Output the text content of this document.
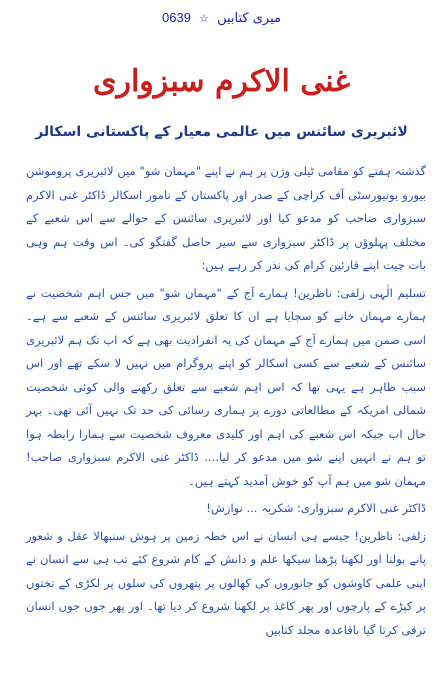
میری کتابیں ☆ 0639
غنی الاکرم سبزواری
لائبریری سائنس میں عالمی معیار کے پاکستانی اسکالر

گذشتہ ہفتے کو مقامی ٹیلی وژن پر ہم نے اپنے "مہمان شو" میں لائبریری پروموشن بیورو یونیورسٹی آف کراچی کے صدر اور پاکستان کے نامور اسکالر ڈاکٹر غنی الاکرم سبزواری صاحب کو مدعو کیا اور لائبریری سائنس کے حوالے سے اس شعبے کے مختلف پہلوؤں پر ڈاکٹر سبزواری سے سیر حاصل گفتگو کی۔ اس وقت ہم وہی بات چیت اپنے قارئین کرام کی نذر کر رہے ہیں:

تسلیم الٰہی زلفی: ناظرین! ہمارے آج کے "مہمان شو" میں جس اہم شخصیت نے ہمارے مہمان خانے کو سجایا ہے ان کا تعلق لائبریری سائنس کے شعبے سے ہے۔ اسی ضمن میں ہمارے آج کے مہمان کی یہ انفرادیت بھی ہے کہ اب تک ہم لائبریری سائنس کے شعبے سے کسی اسکالر کو اپنے پروگرام میں نہیں لا سکے تھے اور اس سبب ظاہر ہے یہی تھا کہ اس اہم شعبے سے تعلق رکھنے والی کوئی شخصیت شمالی امریکہ کے مطالعاتی دورے پر ہماری رسائی کی حد تک نہیں آئی تھی۔ بہر حال اب جبکہ اس شعبے کی اہم اور کلیدی معروف شخصیت سے ہمارا رابطہ ہوا تو ہم نے انہیں اپنے شو میں مدعو کر لیا.... ڈاکٹر غنی الاکرم سبزواری صاحب! مہمان شو میں ہم آپ کو خوش آمدید کہتے ہیں۔

ڈاکٹر غنی الاکرم سبزواری: شکریہ ... نوازش!

زلفی: ناظرین! جیسے ہی انسان نے اس خطہ زمین پر ہوش سنبھالا عقل و شعور پانے بولنا اور لکھنا پڑھنا سیکھا علم و دانش کے کام شروع کئے تب ہی سے انسان نے اپنی علمی کاوشوں کو جانوروں کی کھالوں پر پتھروں کی سلوں پر لکڑی کے تختوں پر کپڑے کے پارچوں اور پھر کاغذ پر لکھنا شروع کر دیا تھا۔ اور پھر جوں جوں انسان ترقی کرتا گیا باقاعدہ مجلد کتابیں
